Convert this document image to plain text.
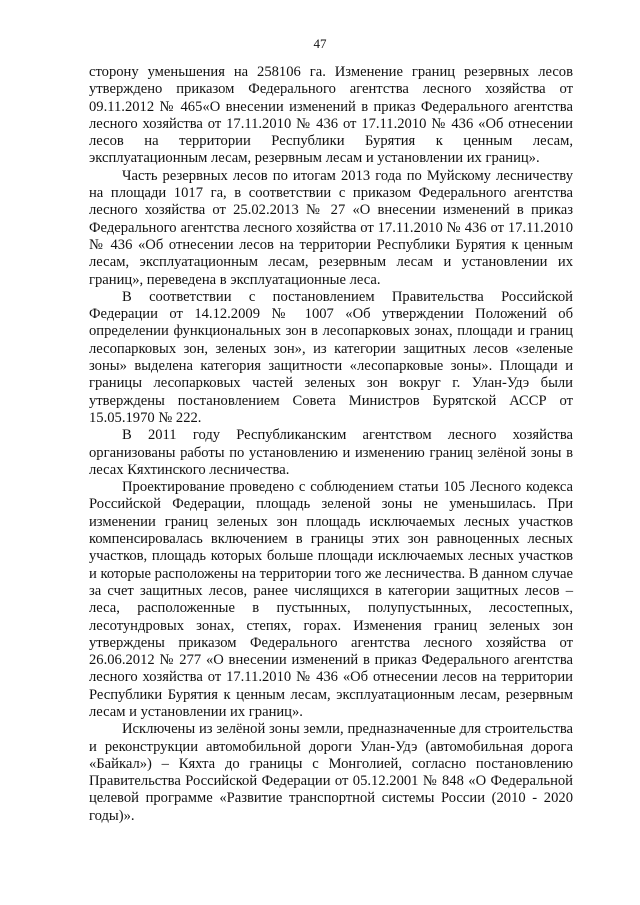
47

сторону уменьшения на 258106 га. Изменение границ резервных лесов утверждено приказом Федерального агентства лесного хозяйства от 09.11.2012 № 465«О внесении изменений в приказ Федерального агентства лесного хозяйства от 17.11.2010 № 436 от 17.11.2010 № 436 «Об отнесении лесов на территории Республики Бурятия к ценным лесам, эксплуатационным лесам, резервным лесам и установлении их границ».

Часть резервных лесов по итогам 2013 года по Муйскому лесничеству на площади 1017 га, в соответствии с приказом Федерального агентства лесного хозяйства от 25.02.2013 № 27 «О внесении изменений в приказ Федерального агентства лесного хозяйства от 17.11.2010 № 436 от 17.11.2010 № 436 «Об отнесении лесов на территории Республики Бурятия к ценным лесам, эксплуатационным лесам, резервным лесам и установлении их границ», переведена в эксплуатационные леса.

В соответствии с постановлением Правительства Российской Федерации от 14.12.2009 № 1007 «Об утверждении Положений об определении функциональных зон в лесопарковых зонах, площади и границ лесопарковых зон, зеленых зон», из категории защитных лесов «зеленые зоны» выделена категория защитности «лесопарковые зоны». Площади и границы лесопарковых частей зеленых зон вокруг г. Улан-Удэ были утверждены постановлением Совета Министров Бурятской АССР от 15.05.1970 № 222.

В 2011 году Республиканским агентством лесного хозяйства организованы работы по установлению и изменению границ зелёной зоны в лесах Кяхтинского лесничества.

Проектирование проведено с соблюдением статьи 105 Лесного кодекса Российской Федерации, площадь зеленой зоны не уменьшилась. При изменении границ зеленых зон площадь исключаемых лесных участков компенсировалась включением в границы этих зон равноценных лесных участков, площадь которых больше площади исключаемых лесных участков и которые расположены на территории того же лесничества. В данном случае за счет защитных лесов, ранее числящихся в категории защитных лесов – леса, расположенные в пустынных, полупустынных, лесостепных, лесотундровых зонах, степях, горах. Изменения границ зеленых зон утверждены приказом Федерального агентства лесного хозяйства от 26.06.2012 № 277 «О внесении изменений в приказ Федерального агентства лесного хозяйства от 17.11.2010 № 436 «Об отнесении лесов на территории Республики Бурятия к ценным лесам, эксплуатационным лесам, резервным лесам и установлении их границ».

Исключены из зелёной зоны земли, предназначенные для строительства и реконструкции автомобильной дороги Улан-Удэ (автомобильная дорога «Байкал») – Кяхта до границы с Монголией, согласно постановлению Правительства Российской Федерации от 05.12.2001 № 848 «О Федеральной целевой программе «Развитие транспортной системы России (2010 - 2020 годы)».
